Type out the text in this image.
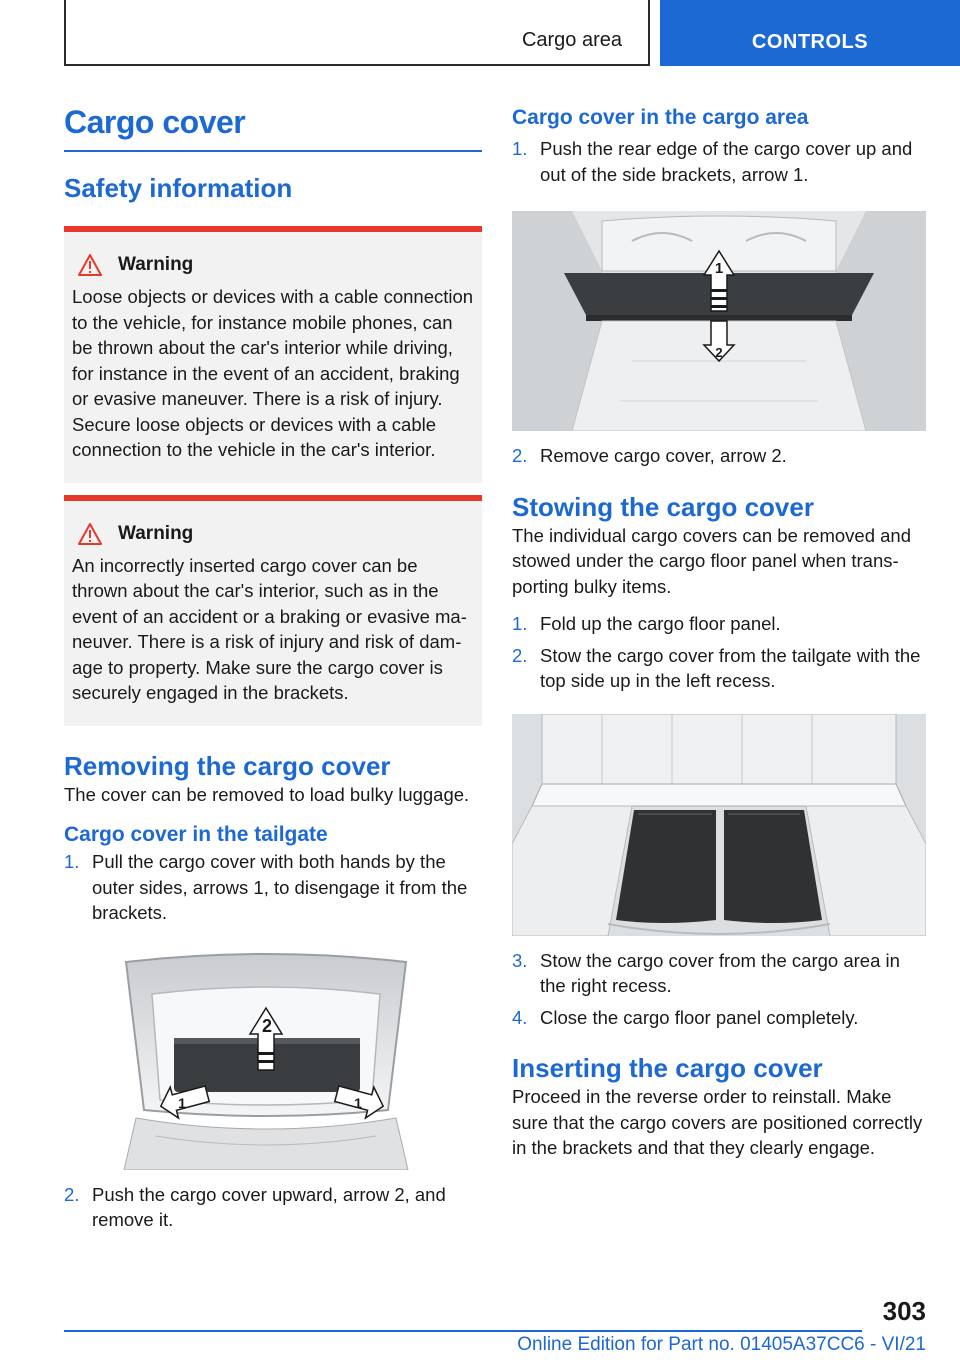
Cargo area	CONTROLS
Cargo cover
Safety information
Warning

Loose objects or devices with a cable connection to the vehicle, for instance mobile phones, can be thrown about the car's interior while driving, for instance in the event of an accident, braking or evasive maneuver. There is a risk of injury. Secure loose objects or devices with a cable connection to the vehicle in the car's interior.

Warning

An incorrectly inserted cargo cover can be thrown about the car's interior, such as in the event of an accident or a braking or evasive maneuver. There is a risk of injury and risk of damage to property. Make sure the cargo cover is securely engaged in the brackets.

Removing the cargo cover

The cover can be removed to load bulky luggage.

Cargo cover in the tailgate
1. Pull the cargo cover with both hands by the outer sides, arrows 1, to disengage it from the brackets.
2
1	1
2. Push the cargo cover upward, arrow 2, and remove it.
Cargo cover in the cargo area
1. Push the rear edge of the cargo cover up and out of the side brackets, arrow 1.
1
2
2. Remove cargo cover, arrow 2.
Stowing the cargo cover

The individual cargo covers can be removed and stowed under the cargo floor panel when transporting bulky items.

1. Fold up the cargo floor panel.
2. Stow the cargo cover from the tailgate with the top side up in the left recess.
3. Stow the cargo cover from the cargo area in the right recess.
4. Close the cargo floor panel completely.
Inserting the cargo cover

Proceed in the reverse order to reinstall. Make sure that the cargo covers are positioned correctly in the brackets and that they clearly engage.

303
Online Edition for Part no. 01405A37CC6 - VI/21
